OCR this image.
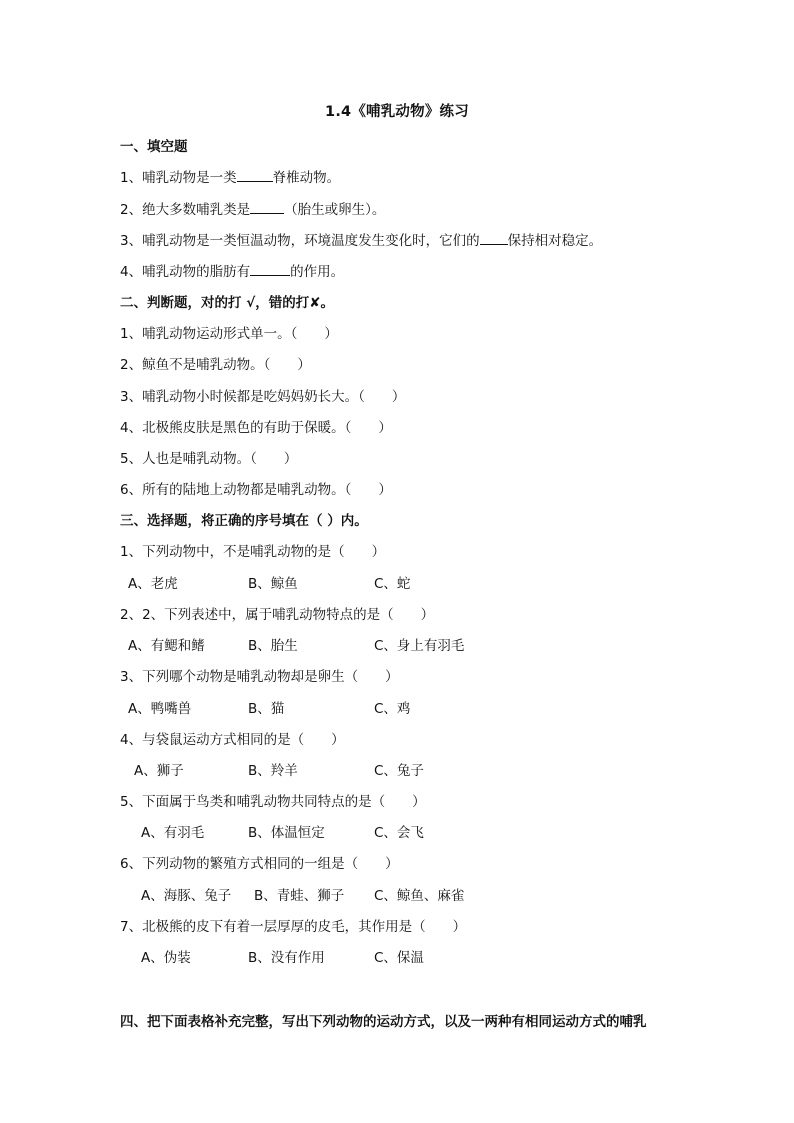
1.4《哺乳动物》练习
一、填空题
1、哺乳动物是一类	脊椎动物。
2、绝大多数哺乳类是	（胎生或卵生）。
3、哺乳动物是一类恒温动物，环境温度发生变化时，它们的 保持相对稳定。
4、哺乳动物的脂肪有	的作用。
二、判断题，对的打 √，错的打✘。
1、哺乳动物运动形式单一。（　　）
2、鲸鱼不是哺乳动物。（　　）
3、哺乳动物小时候都是吃妈妈奶长大。（　　）
4、北极熊皮肤是黑色的有助于保暖。（　　）
5、人也是哺乳动物。（　　）
6、所有的陆地上动物都是哺乳动物。（　　）
三、选择题，将正确的序号填在（ ）内。
1、下列动物中，不是哺乳动物的是（　　）
A、老虎	B、鲸鱼	C、蛇
2、2、下列表述中，属于哺乳动物特点的是（　　）
A、有鳃和鳍	B、胎生	C、身上有羽毛
3、下列哪个动物是哺乳动物却是卵生（　　）
A、鸭嘴兽	B、猫	C、鸡
4、与袋鼠运动方式相同的是（　　）
A、狮子	B、羚羊	C、兔子
5、下面属于鸟类和哺乳动物共同特点的是（　　）
A、有羽毛	B、体温恒定	C、会飞
6、下列动物的繁殖方式相同的一组是（　　）
A、海豚、兔子 B、青蛙、狮子 C、鲸鱼、麻雀
7、北极熊的皮下有着一层厚厚的皮毛，其作用是（　　）
A、伪装	B、没有作用	C、保温
四、把下面表格补充完整，写出下列动物的运动方式，以及一两种有相同运动方式的哺乳
